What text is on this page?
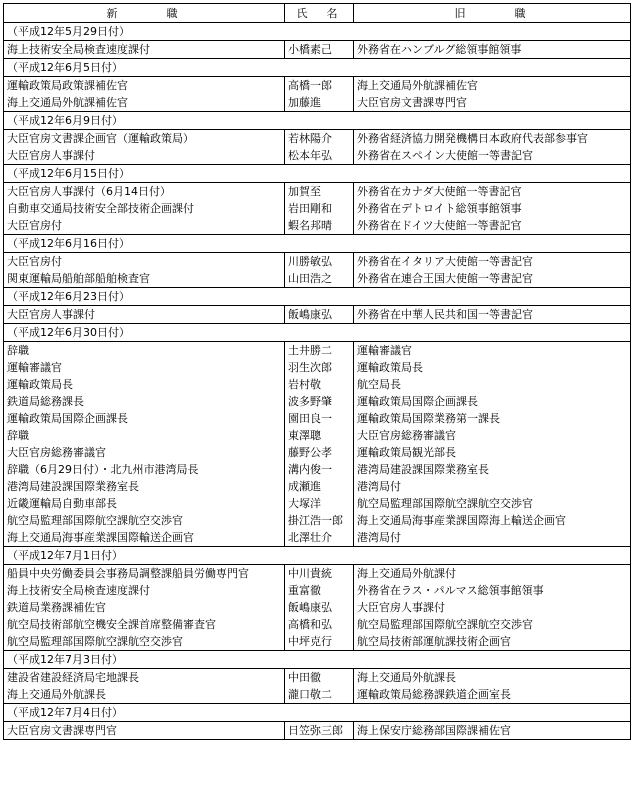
新　　　職	氏　名	旧　　　職
（平成12年5月29日付）		
海上技術安全局検査速度課付	小橋素己	外務省在ハンブルグ総領事館領事
（平成12年6月5日付）		
運輸政策局政策課補佐官	高橋一郎	海上交通局外航課補佐官
海上交通局外航課補佐官	加藤進	大臣官房文書課専門官
（平成12年6月9日付）		
大臣官房文書課企画官（運輸政策局）	若林陽介	外務省経済協力開発機構日本政府代表部参事官
大臣官房人事課付	松本年弘	外務省在スペイン大使館一等書記官
（平成12年6月15日付）		
大臣官房人事課付（6月14日付）	加賀至	外務省在カナダ大使館一等書記官
自動車交通局技術安全部技術企画課付	岩田剛和	外務省在デトロイト総領事館領事
大臣官房付	蝦名邦晴	外務省在ドイツ大使館一等書記官
（平成12年6月16日付）		
大臣官房付	川勝敏弘	外務省在イタリア大使館一等書記官
関東運輸局船舶部船舶検査官	山田浩之	外務省在連合王国大使館一等書記官
（平成12年6月23日付）		
大臣官房人事課付	飯嶋康弘	外務省在中華人民共和国一等書記官
（平成12年6月30日付）		
辞職	土井勝二	運輸審議官
運輸審議官	羽生次郎	運輸政策局長
運輸政策局長	岩村敬	航空局長
鉄道局総務課長	波多野肇	運輸政策局国際企画課長
運輸政策局国際企画課長	園田良一	運輸政策局国際業務第一課長
辞職	東澤聰	大臣官房総務審議官
大臣官房総務審議官	藤野公孝	運輸政策局観光部長
辞職（6月29日付）・北九州市港湾局長	溝内俊一	港湾局建設課国際業務室長
港湾局建設課国際業務室長	成瀬進	港湾局付
近畿運輸局自動車部長	大塚洋	航空局監理部国際航空課航空交渉官
航空局監理部国際航空課航空交渉官	掛江浩一郎	海上交通局海事産業課国際海上輸送企画官
海上交通局海事産業課国際輸送企画官	北澤壮介	港湾局付
（平成12年7月1日付）		
船員中央労働委員会事務局調整課船員労働専門官	中川貴統	海上交通局外航課付
海上技術安全局検査速度課付	重富徹	外務省在ラス・パルマス総領事館領事
鉄道局業務課補佐官	飯嶋康弘	大臣官房人事課付
航空局技術部航空機安全課首席整備審査官	高橋和弘	航空局監理部国際航空課航空交渉官
航空局監理部国際航空課航空交渉官	中坪克行	航空局技術部運航課技術企画官
（平成12年7月3日付）		
建設省建設経済局宅地課長	中田徹	海上交通局外航課長
海上交通局外航課長	瀧口敬二	運輸政策局総務課鉄道企画室長
（平成12年7月4日付）		
大臣官房文書課専門官	日笠弥三郎	海上保安庁総務部国際課補佐官
